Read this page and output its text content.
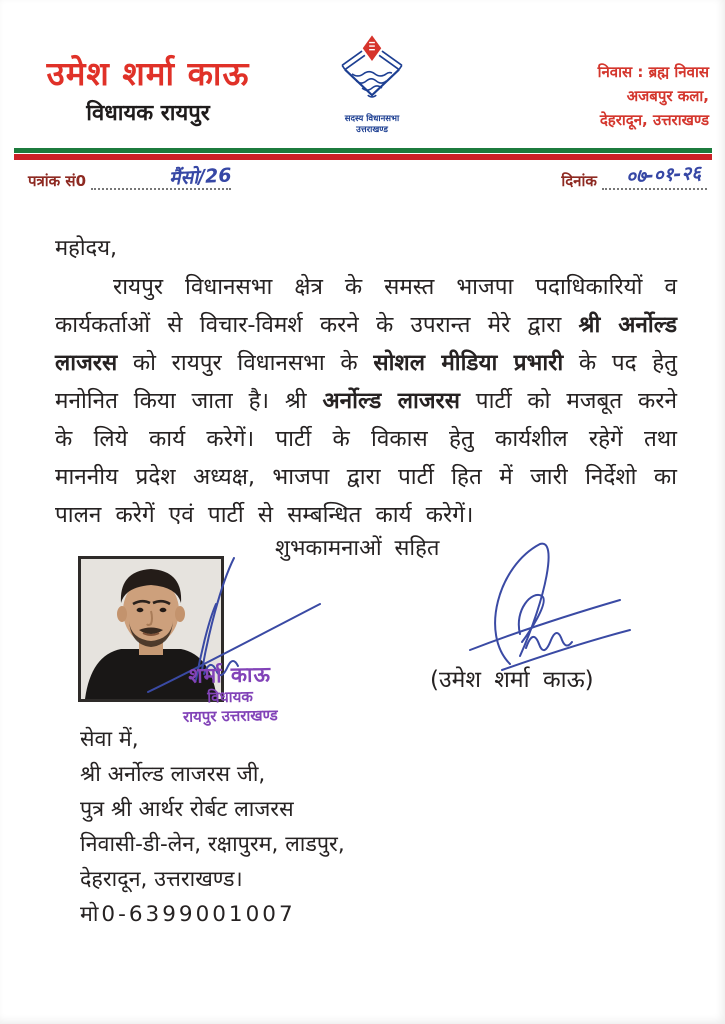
उमेश शर्मा काऊ
विधायक रायपुर	सदस्य विधानसभा
उत्तराखण्ड
निवास : ब्रह्म निवास
अजबपुर कला,
देहरादून, उत्तराखण्ड
पत्रांक सं0	मैंसो/26	दिनांक ०७-०१-२६
महोदय,
रायपुर विधानसभा क्षेत्र के समस्त भाजपा पदाधिकारियों व कार्यकर्ताओं से विचार-विमर्श करने के उपरान्त मेरे द्वारा श्री अर्नोल्ड लाजरस को रायपुर विधानसभा के सोशल मीडिया प्रभारी के पद हेतु मनोनित किया जाता है। श्री अर्नोल्ड लाजरस पार्टी को मजबूत करने के लिये कार्य करेगें। पार्टी के विकास हेतु कार्यशील रहेगें तथा माननीय प्रदेश अध्यक्ष, भाजपा द्वारा पार्टी हित में जारी निर्देशो का पालन करेगें एवं पार्टी से सम्बन्धित कार्य करेगें।
शुभकामनाओं सहित
शर्मा काऊ
विधायक
रायपुर उत्तराखण्ड
(उमेश शर्मा काऊ)
सेवा में,
श्री अर्नोल्ड लाजरस जी,
पुत्र श्री आर्थर रोर्बट लाजरस
निवासी-डी-लेन, रक्षापुरम, लाडपुर,
देहरादून, उत्तराखण्ड।
मो0-6399001007
